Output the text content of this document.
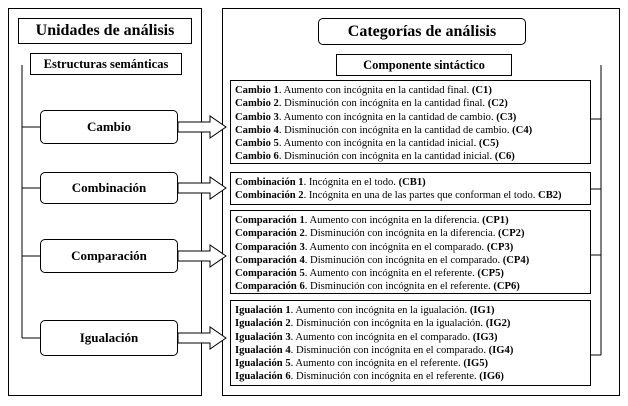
Unidades de análisis
Estructuras semánticas
Cambio
Combinación
Comparación
Igualación
Categorías de análisis
Componente sintáctico
Cambio 1. Aumento con incógnita en la cantidad final. (C1)
Cambio 2. Disminución con incógnita en la cantidad final. (C2)
Cambio 3. Aumento con incógnita en la cantidad de cambio. (C3)
Cambio 4. Disminución con incógnita en la cantidad de cambio. (C4)
Cambio 5. Aumento con incógnita en la cantidad inicial. (C5)
Cambio 6. Disminución con incógnita en la cantidad inicial. (C6)
Combinación 1. Incógnita en el todo. (CB1)
Combinación 2. Incógnita en una de las partes que conforman el todo. CB2)
Comparación 1. Aumento con incógnita en la diferencia. (CP1)
Comparación 2. Disminución con incógnita en la diferencia. (CP2)
Comparación 3. Aumento con incógnita en el comparado. (CP3)
Comparación 4. Disminución con incógnita en el comparado. (CP4)
Comparación 5. Aumento con incógnita en el referente. (CP5)
Comparación 6. Disminución con incógnita en el referente. (CP6)
Igualación 1. Aumento con incógnita en la igualación. (IG1)
Igualación 2. Disminución con incógnita en la igualación. (IG2)
Igualación 3. Aumento con incógnita en el comparado. (IG3)
Igualación 4. Disminución con incógnita en el comparado. (IG4)
Igualación 5. Aumento con incógnita en el referente. (IG5)
Igualación 6. Disminución con incógnita en el referente. (IG6)
